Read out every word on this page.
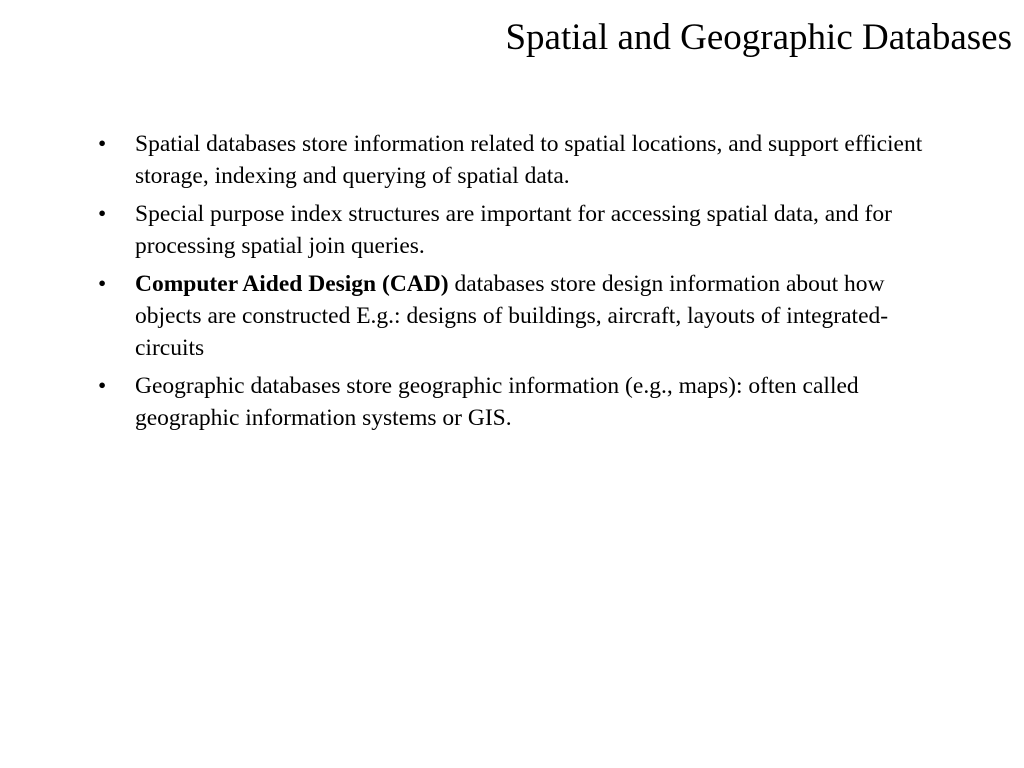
Spatial and Geographic Databases
• Spatial databases store information related to spatial locations, and support efficient storage, indexing and querying of spatial data.
• Special purpose index structures are important for accessing spatial data, and for processing spatial join queries.
• Computer Aided Design (CAD) databases store design information about how objects are constructed E.g.: designs of buildings, aircraft, layouts of integrated-circuits
• Geographic databases store geographic information (e.g., maps): often called geographic information systems or GIS.
